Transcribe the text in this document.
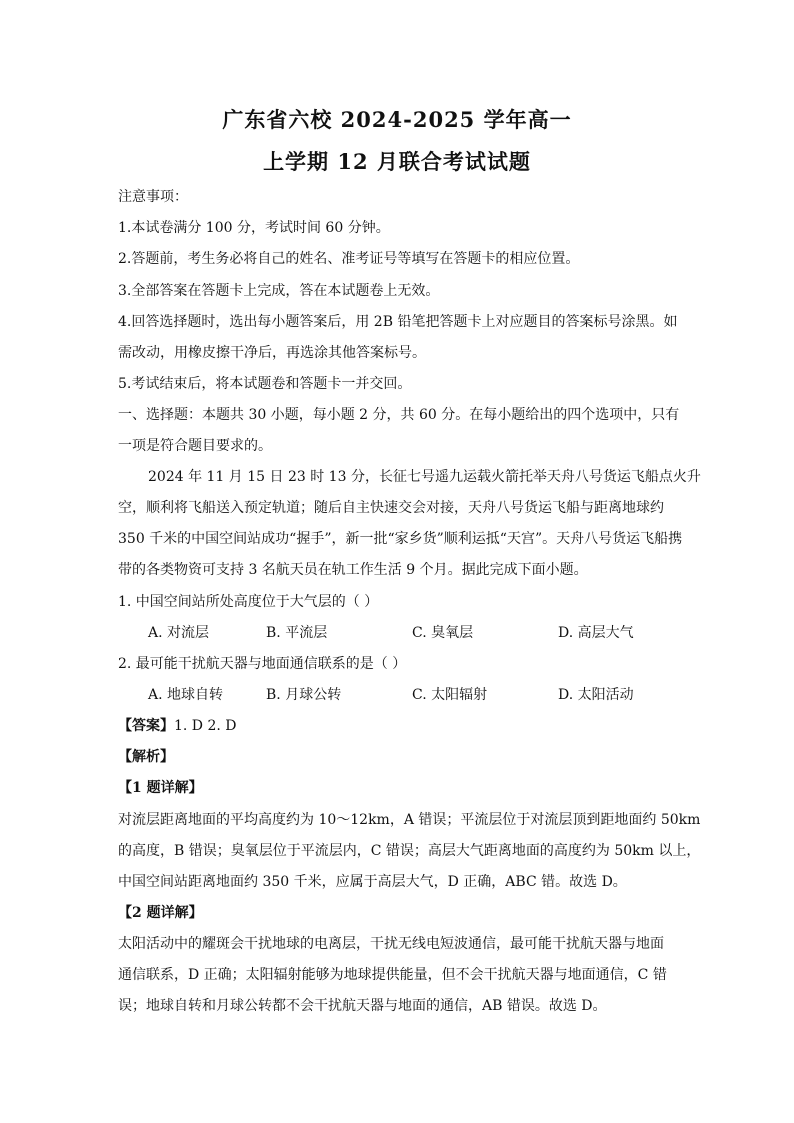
广东省六校 2024-2025 学年高一
上学期 12 月联合考试试题
注意事项：
1.本试卷满分 100 分，考试时间 60 分钟。
2.答题前，考生务必将自己的姓名、准考证号等填写在答题卡的相应位置。
3.全部答案在答题卡上完成，答在本试题卷上无效。
4.回答选择题时，选出每小题答案后，用 2B 铅笔把答题卡上对应题目的答案标号涂黑。如
需改动，用橡皮擦干净后，再选涂其他答案标号。
5.考试结束后，将本试题卷和答题卡一并交回。
一、选择题：本题共 30 小题，每小题 2 分，共 60 分。在每小题给出的四个选项中，只有
一项是符合题目要求的。
2024 年 11 月 15 日 23 时 13 分，长征七号遥九运载火箭托举天舟八号货运飞船点火升
空，顺利将飞船送入预定轨道；随后自主快速交会对接，天舟八号货运飞船与距离地球约
350 千米的中国空间站成功“握手”，新一批“家乡货”顺利运抵“天宫”。天舟八号货运飞船携
带的各类物资可支持 3 名航天员在轨工作生活 9 个月。据此完成下面小题。
1. 中国空间站所处高度位于大气层的（ ）
A. 对流层	B. 平流层	C. 臭氧层	D. 高层大气
2. 最可能干扰航天器与地面通信联系的是（ ）
A. 地球自转	B. 月球公转	C. 太阳辐射	D. 太阳活动
【答案】1. D 2. D
【解析】
【1 题详解】
对流层距离地面的平均高度约为 10～12km，A 错误；平流层位于对流层顶到距地面约 50km
的高度，B 错误；臭氧层位于平流层内，C 错误；高层大气距离地面的高度约为 50km 以上，
中国空间站距离地面约 350 千米，应属于高层大气，D 正确，ABC 错。故选 D。
【2 题详解】
太阳活动中的耀斑会干扰地球的电离层，干扰无线电短波通信，最可能干扰航天器与地面
通信联系，D 正确；太阳辐射能够为地球提供能量，但不会干扰航天器与地面通信，C 错
误；地球自转和月球公转都不会干扰航天器与地面的通信，AB 错误。故选 D。
